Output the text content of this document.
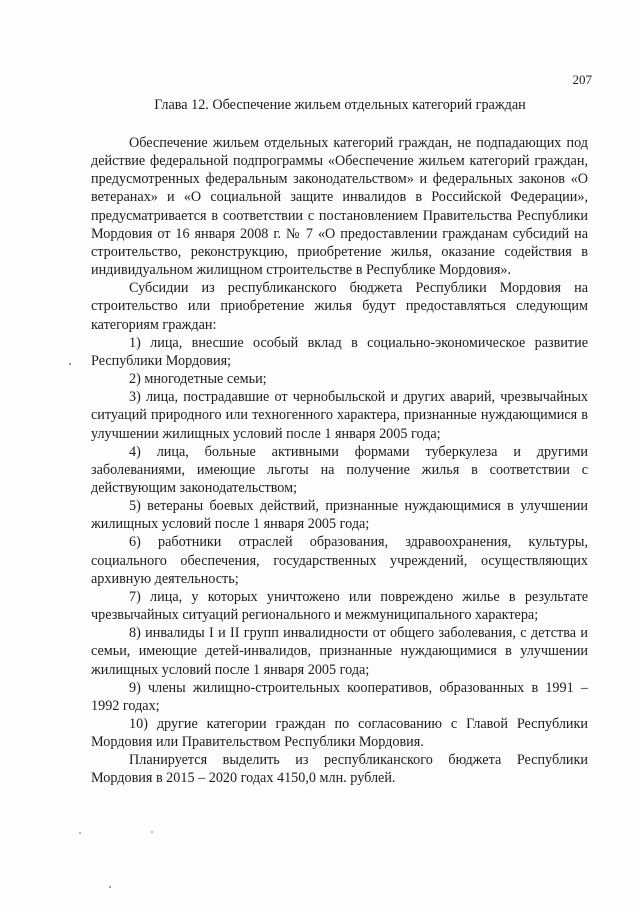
207
Глава 12. Обеспечение жильем отдельных категорий граждан

Обеспечение жильем отдельных категорий граждан, не подпадающих под действие федеральной подпрограммы «Обеспечение жильем категорий граждан, предусмотренных федеральным законодательством» и федеральных законов «О ветеранах» и «О социальной защите инвалидов в Российской Федерации», предусматривается в соответствии с постановлением Правительства Республики Мордовия от 16 января 2008 г. № 7 «О предоставлении гражданам субсидий на строительство, реконструкцию, приобретение жилья, оказание содействия в индивидуальном жилищном строительстве в Республике Мордовия».

Субсидии из республиканского бюджета Республики Мордовия на строительство или приобретение жилья будут предоставляться следующим категориям граждан:

1) лица, внесшие особый вклад в социально-экономическое развитие Республики Мордовия;

2) многодетные семьи;

3) лица, пострадавшие от чернобыльской и других аварий, чрезвычайных ситуаций природного или техногенного характера, признанные нуждающимися в улучшении жилищных условий после 1 января 2005 года;

4) лица, больные активными формами туберкулеза и другими заболеваниями, имеющие льготы на получение жилья в соответствии с действующим законодательством;

5) ветераны боевых действий, признанные нуждающимися в улучшении жилищных условий после 1 января 2005 года;

6) работники отраслей образования, здравоохранения, культуры, социального обеспечения, государственных учреждений, осуществляющих архивную деятельность;

7) лица, у которых уничтожено или повреждено жилье в результате чрезвычайных ситуаций регионального и межмуниципального характера;

8) инвалиды I и II групп инвалидности от общего заболевания, с детства и семьи, имеющие детей-инвалидов, признанные нуждающимися в улучшении жилищных условий после 1 января 2005 года;

9) члены жилищно-строительных кооперативов, образованных в 1991 – 1992 годах;

10) другие категории граждан по согласованию с Главой Республики Мордовия или Правительством Республики Мордовия.

Планируется выделить из республиканского бюджета Республики Мордовия в 2015 – 2020 годах 4150,0 млн. рублей.
